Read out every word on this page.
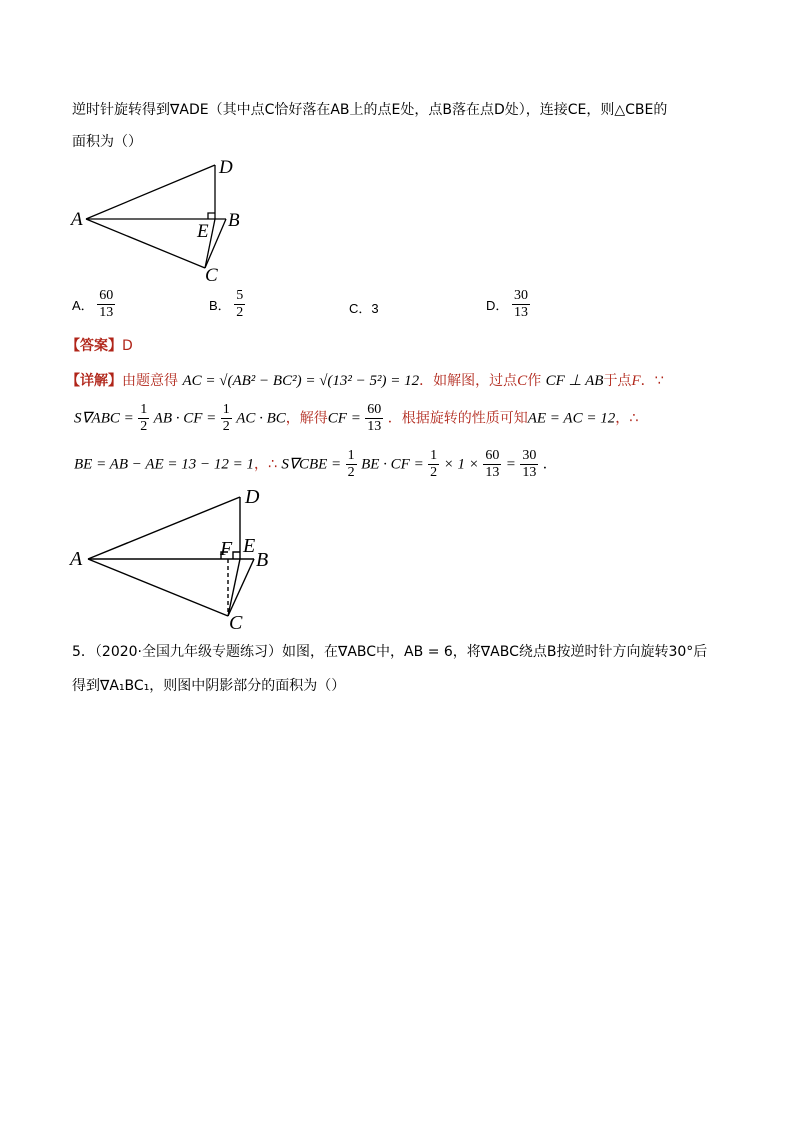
逆时针旋转得到∇ADE（其中点C恰好落在AB上的点E处，点B落在点D处），连接CE，则△CBE的
面积为（）
A
D
B
E
C
A． $\frac{60}{13}$	B． $\frac{5}{2}$	C．3	D． $\frac{30}{13}$
【答案】D
【详解】由题意得 AC = √(AB² − BC²) = √(13² − 5²) = 12．如解图，过点C作 CF ⊥ AB于点F．∵
$S\nabla ABC = \frac{1}{2}$ AB · CF = $\frac{1}{2}$ AC · BC，解得CF = $\frac{60}{13}$ ．根据旋转的性质可知AE = AC = 12，∴
BE = AB − AE = 13 − 12 = 1，∴ $S\nabla CBE = \frac{1}{2}$ BE · CF = $\frac{1}{2} \times 1 \times \frac{60}{13} = \frac{30}{13}$ ．
A
D
F E
B
C
5．（2020·全国九年级专题练习）如图，在∇ABC中，AB = 6，将∇ABC绕点B按逆时针方向旋转30°后
得到∇A₁BC₁，则图中阴影部分的面积为（）
